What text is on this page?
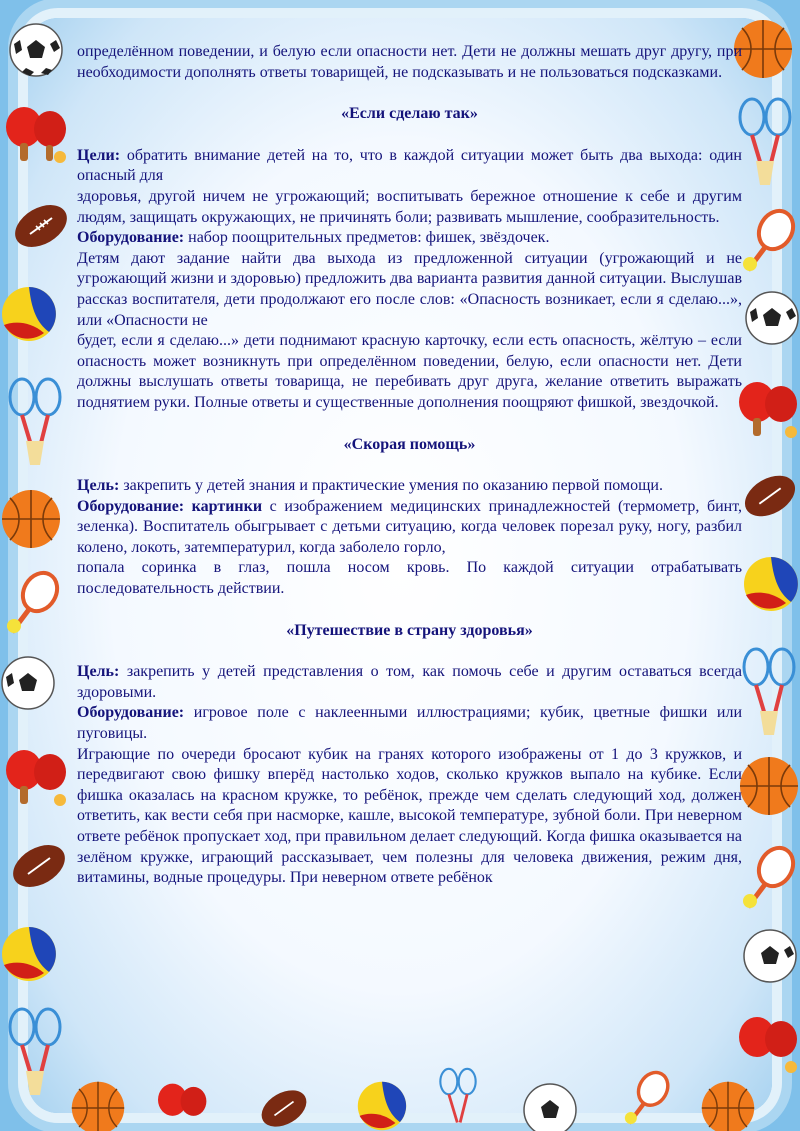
определённом поведении, и белую если опасности нет. Дети не должны мешать друг другу, при необходимости дополнять ответы товарищей, не подсказывать и не пользоваться подсказками.

«Если сделаю так»

Цели: обратить внимание детей на то, что в каждой ситуации может быть два выхода: один опасный для

здоровья, другой ничем не угрожающий; воспитывать бережное отношение к себе и другим людям, защищать окружающих, не причинять боли; развивать мышление, сообразительность.

Оборудование: набор поощрительных предметов: фишек, звёздочек.

Детям дают задание найти два выхода из предложенной ситуации (угрожающий и не угрожающий жизни и здоровью) предложить два варианта развития данной ситуации. Выслушав рассказ воспитателя, дети продолжают его после слов: «Опасность возникает, если я сделаю...», или «Опасности не

будет, если я сделаю...» дети поднимают красную карточку, если есть опасность, жёлтую – если опасность может возникнуть при определённом поведении, белую, если опасности нет. Дети должны выслушать ответы товарища, не перебивать друг друга, желание ответить выражать поднятием руки. Полные ответы и существенные дополнения поощряют фишкой, звездочкой.

«Скорая помощь»

Цель: закрепить у детей знания и практические умения по оказанию первой помощи.

Оборудование: картинки с изображением медицинских принадлежностей (термометр, бинт, зеленка). Воспитатель обыгрывает с детьми ситуацию, когда человек порезал руку, ногу, разбил колено, локоть, затемпературил, когда заболело горло,

попала соринка в глаз, пошла носом кровь. По каждой ситуации отрабатывать последовательность действии.

«Путешествие в страну здоровья»

Цель: закрепить у детей представления о том, как помочь себе и другим оставаться всегда здоровыми.

Оборудование: игровое поле с наклеенными иллюстрациями; кубик, цветные фишки или пуговицы.

Играющие по очереди бросают кубик на гранях которого изображены от 1 до 3 кружков, и передвигают свою фишку вперёд настолько ходов, сколько кружков выпало на кубике. Если фишка оказалась на красном кружке, то ребёнок, прежде чем сделать следующий ход, должен ответить, как вести себя при насморке, кашле, высокой температуре, зубной боли. При неверном ответе ребёнок пропускает ход, при правильном делает следующий. Когда фишка оказывается на зелёном кружке, играющий рассказывает, чем полезны для человека движения, режим дня, витамины, водные процедуры. При неверном ответе ребёнок
